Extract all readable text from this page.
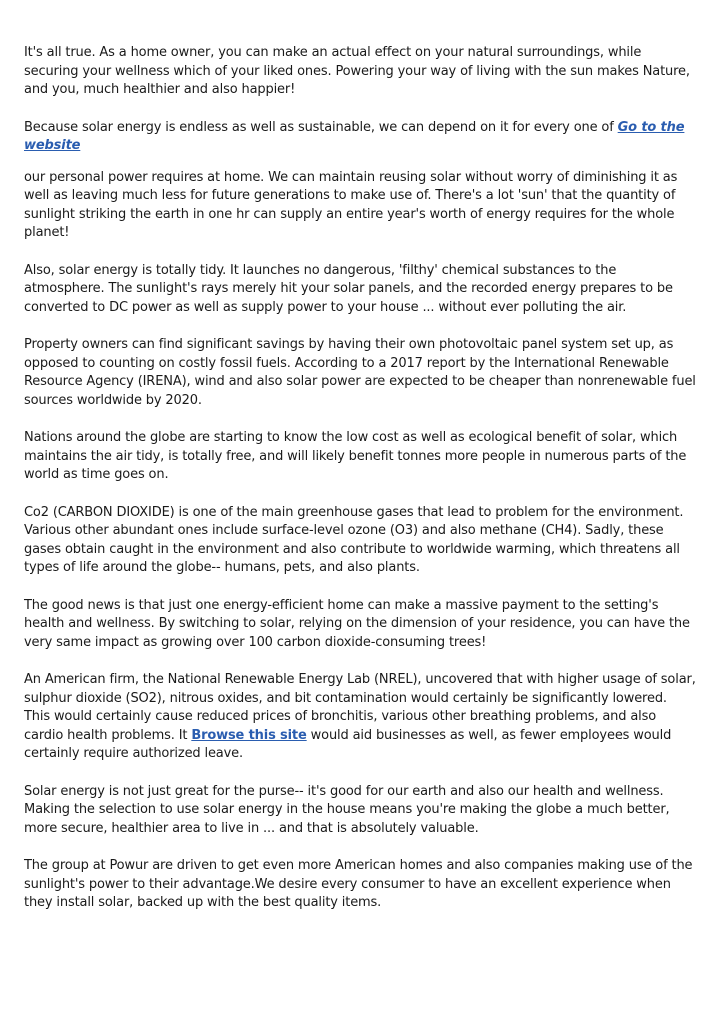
It's all true. As a home owner, you can make an actual effect on your natural surroundings, while securing your wellness which of your liked ones. Powering your way of living with the sun makes Nature, and you, much healthier and also happier!

Because solar energy is endless as well as sustainable, we can depend on it for every one of Go to the website

our personal power requires at home. We can maintain reusing solar without worry of diminishing it as well as leaving much less for future generations to make use of. There's a lot 'sun' that the quantity of sunlight striking the earth in one hr can supply an entire year's worth of energy requires for the whole planet!

Also, solar energy is totally tidy. It launches no dangerous, 'filthy' chemical substances to the atmosphere. The sunlight's rays merely hit your solar panels, and the recorded energy prepares to be converted to DC power as well as supply power to your house ... without ever polluting the air.

Property owners can find significant savings by having their own photovoltaic panel system set up, as opposed to counting on costly fossil fuels. According to a 2017 report by the International Renewable Resource Agency (IRENA), wind and also solar power are expected to be cheaper than nonrenewable fuel sources worldwide by 2020.

Nations around the globe are starting to know the low cost as well as ecological benefit of solar, which maintains the air tidy, is totally free, and will likely benefit tonnes more people in numerous parts of the world as time goes on.

Co2 (CARBON DIOXIDE) is one of the main greenhouse gases that lead to problem for the environment. Various other abundant ones include surface-level ozone (O3) and also methane (CH4). Sadly, these gases obtain caught in the environment and also contribute to worldwide warming, which threatens all types of life around the globe-- humans, pets, and also plants.

The good news is that just one energy-efficient home can make a massive payment to the setting's health and wellness. By switching to solar, relying on the dimension of your residence, you can have the very same impact as growing over 100 carbon dioxide-consuming trees!

An American firm, the National Renewable Energy Lab (NREL), uncovered that with higher usage of solar, sulphur dioxide (SO2), nitrous oxides, and bit contamination would certainly be significantly lowered. This would certainly cause reduced prices of bronchitis, various other breathing problems, and also cardio health problems. It Browse this site would aid businesses as well, as fewer employees would certainly require authorized leave.

Solar energy is not just great for the purse-- it's good for our earth and also our health and wellness. Making the selection to use solar energy in the house means you're making the globe a much better, more secure, healthier area to live in ... and that is absolutely valuable.

The group at Powur are driven to get even more American homes and also companies making use of the sunlight's power to their advantage.We desire every consumer to have an excellent experience when they install solar, backed up with the best quality items.
